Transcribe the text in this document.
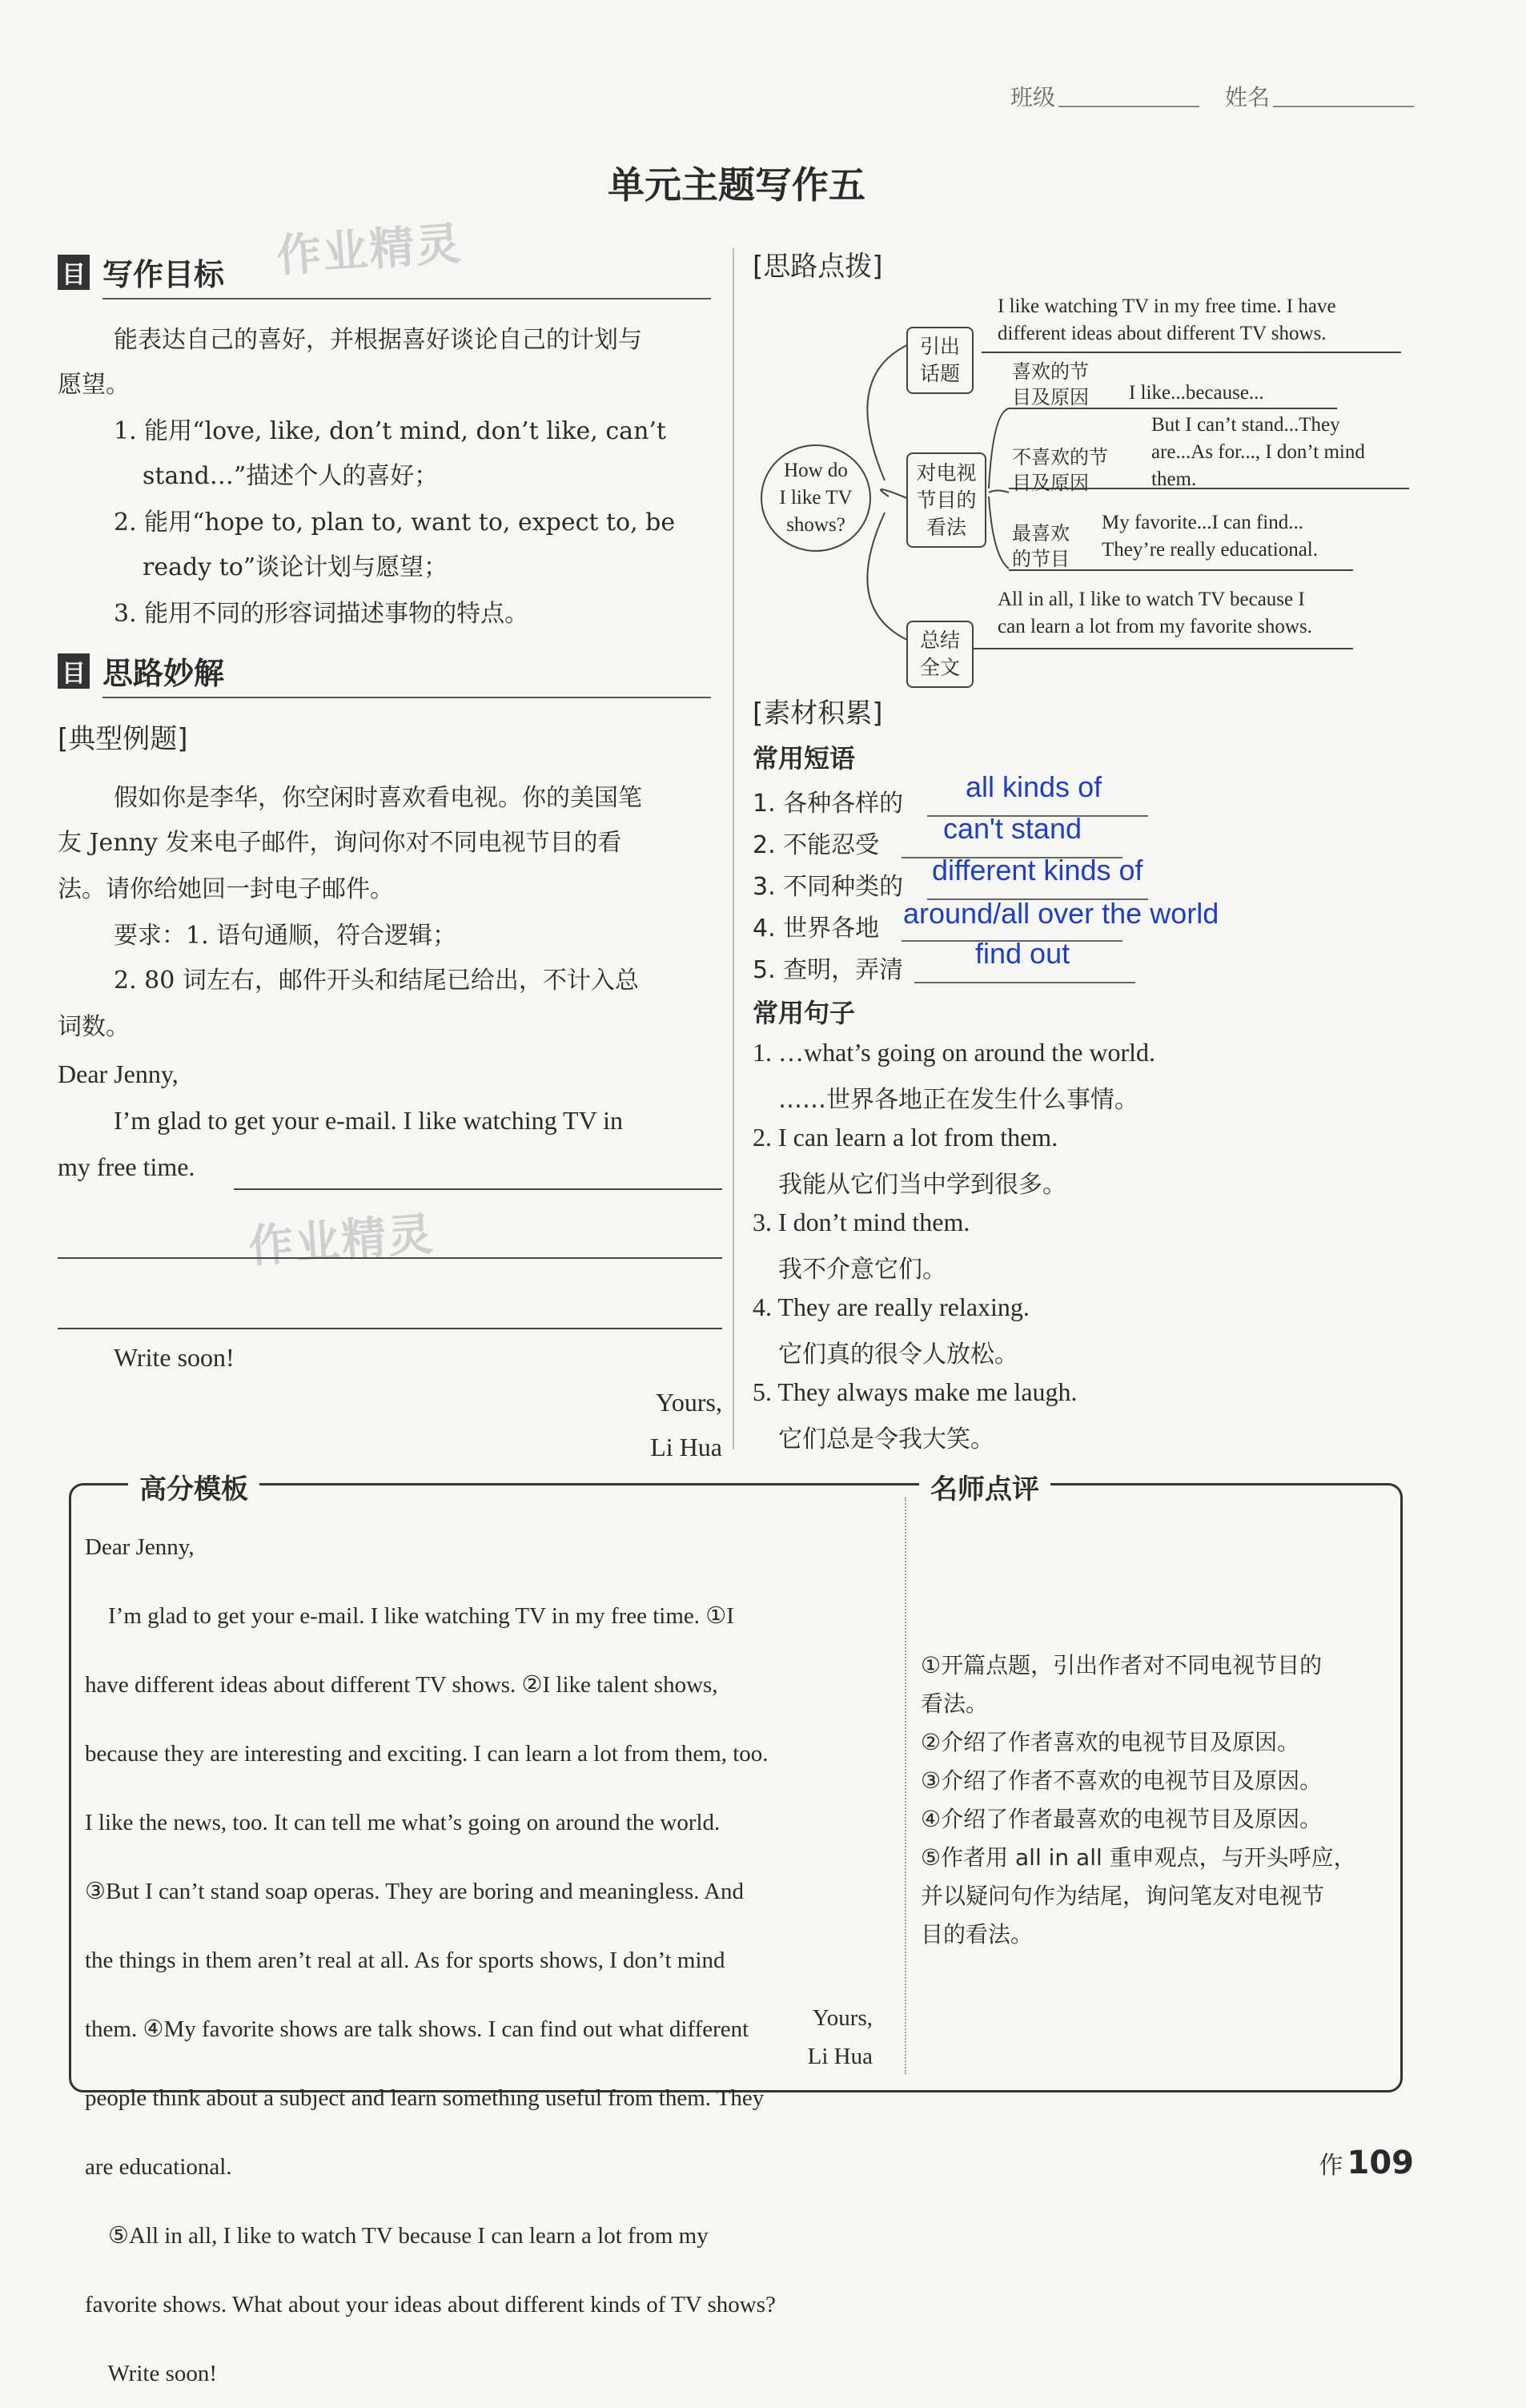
班级	姓名
单元主题写作五
作业精灵
作业精灵
目 写作目标
能表达自己的喜好，并根据喜好谈论自己的计划与
愿望。
1. 能用“love, like, don’t mind, don’t like, can’t
stand…”描述个人的喜好；
2. 能用“hope to, plan to, want to, expect to, be
ready to”谈论计划与愿望；
3. 能用不同的形容词描述事物的特点。
目 思路妙解
[典型例题]
假如你是李华，你空闲时喜欢看电视。你的美国笔
友 Jenny 发来电子邮件，询问你对不同电视节目的看
法。请你给她回一封电子邮件。
要求：1. 语句通顺，符合逻辑；
2. 80 词左右，邮件开头和结尾已给出，不计入总
词数。
Dear Jenny,
I’m glad to get your e-mail. I like watching TV in
my free time.
Write soon!
Yours,
Li Hua
[思路点拨]
How do
I like TV
shows?
引出
话题
对电视
节目的
看法
总结
全文
喜欢的节
目及原因
不喜欢的节
目及原因
最喜欢
的节目
I like watching TV in my free time. I have
different ideas about different TV shows.
I like...because...
But I can’t stand...They
are...As for..., I don’t mind
them.
My favorite...I can find...
They’re really educational.
All in all, I like to watch TV because I
can learn a lot from my favorite shows.
[素材积累]
常用短语
1. 各种各样的
all kinds of
2. 不能忍受
can't stand
3. 不同种类的
different kinds of
4. 世界各地 around/all over the world
5. 查明，弄清
find out
常用句子
1. …what’s going on around the world.
……世界各地正在发生什么事情。
2. I can learn a lot from them.
我能从它们当中学到很多。
3. I don’t mind them.
我不介意它们。
4. They are really relaxing.
它们真的很令人放松。
5. They always make me laugh.
它们总是令我大笑。
高分模板	名师点评

Dear Jenny,

I’m glad to get your e-mail. I like watching TV in my free time. ①I

have different ideas about different TV shows. ②I like talent shows,

because they are interesting and exciting. I can learn a lot from them, too.

I like the news, too. It can tell me what’s going on around the world.

③But I can’t stand soap operas. They are boring and meaningless. And

the things in them aren’t real at all. As for sports shows, I don’t mind

them. ④My favorite shows are talk shows. I can find out what different

people think about a subject and learn something useful from them. They

are educational.

⑤All in all, I like to watch TV because I can learn a lot from my

favorite shows. What about your ideas about different kinds of TV shows?

Write soon!

Yours,
Li Hua
①开篇点题，引出作者对不同电视节目的
看法。
②介绍了作者喜欢的电视节目及原因。
③介绍了作者不喜欢的电视节目及原因。
④介绍了作者最喜欢的电视节目及原因。
⑤作者用 all in all 重申观点，与开头呼应，
并以疑问句作为结尾，询问笔友对电视节
目的看法。
作 109
